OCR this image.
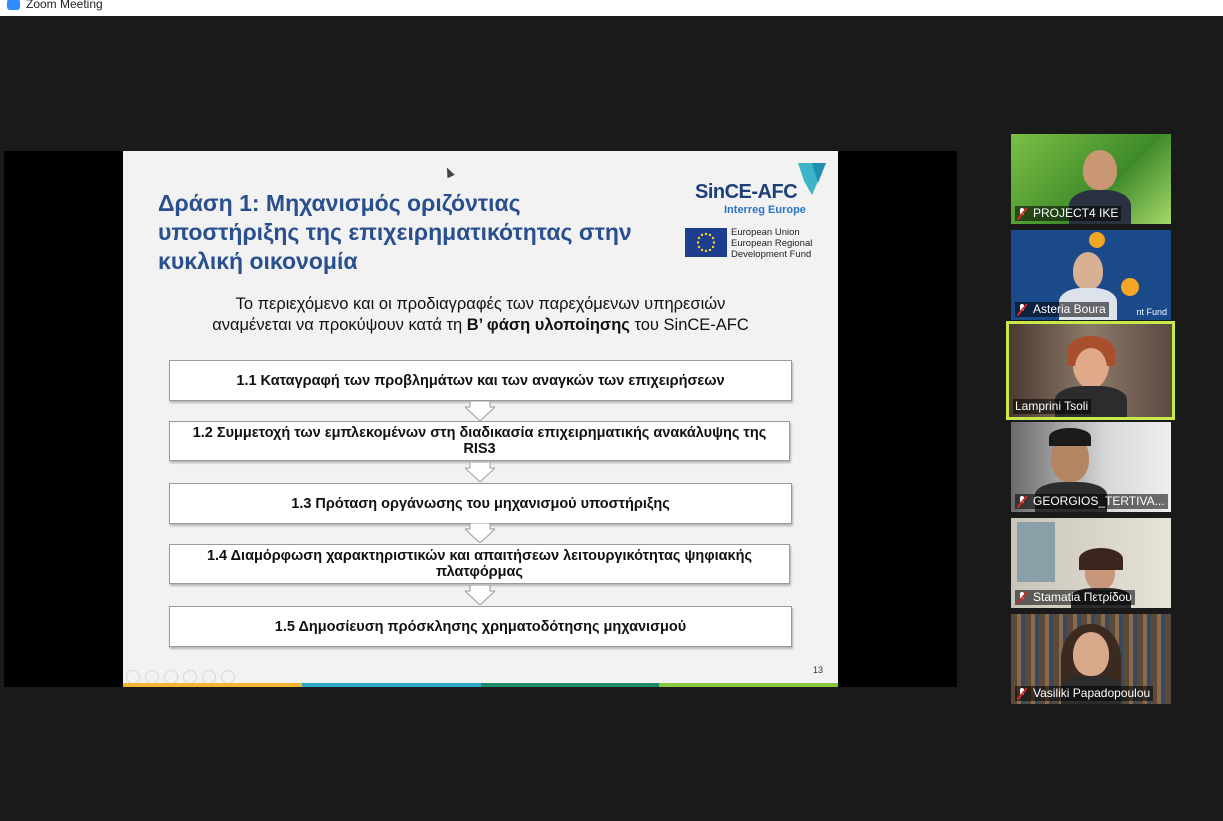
Zoom Meeting
Δράση 1: Μηχανισμός οριζόντιας
υποστήριξης της επιχειρηματικότητας στην
κυκλική οικονομία
SinCE-AFC
Interreg Europe
European Union
European Regional
Development Fund
Το περιεχόμενο και οι προδιαγραφές των παρεχόμενων υπηρεσιών
αναμένεται να προκύψουν κατά τη Β’ φάση υλοποίησης του SinCE-AFC
1.1 Καταγραφή των προβλημάτων και των αναγκών των επιχειρήσεων
1.2 Συμμετοχή των εμπλεκομένων στη διαδικασία επιχειρηματικής ανακάλυψης της RIS3
1.3 Πρόταση οργάνωσης του μηχανισμού υποστήριξης
1.4 Διαμόρφωση χαρακτηριστικών και απαιτήσεων λειτουργικότητας ψηφιακής πλατφόρμας
1.5 Δημοσίευση πρόσκλησης χρηματοδότησης μηχανισμού
13
PROJECT4 IKE
nt Fund
Asteria Boura
Lamprini Tsoli
GEORGIOS_TERTIVA...
Stamatia Πετρίδου
Vasiliki Papadopoulou
